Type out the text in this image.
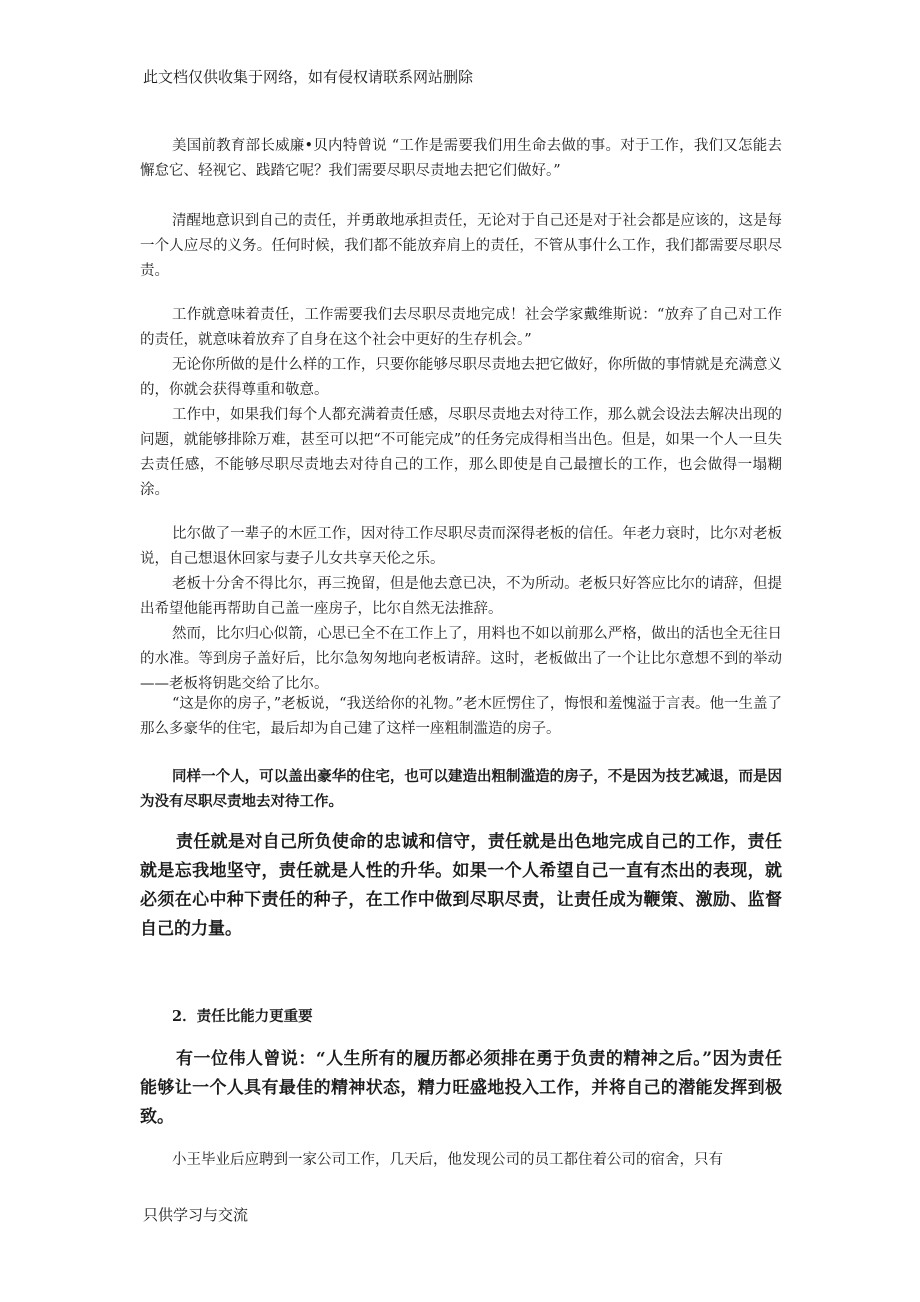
此文档仅供收集于网络，如有侵权请联系网站删除
美国前教育部长威廉•贝内特曾说 “工作是需要我们用生命去做的事。对于工作，我们又怎能去懈怠它、轻视它、践踏它呢？我们需要尽职尽责地去把它们做好。”
清醒地意识到自己的责任，并勇敢地承担责任，无论对于自己还是对于社会都是应该的，这是每一个人应尽的义务。任何时候，我们都不能放弃肩上的责任，不管从事什么工作，我们都需要尽职尽责。
工作就意味着责任，工作需要我们去尽职尽责地完成！社会学家戴维斯说：“放弃了自己对工作的责任，就意味着放弃了自身在这个社会中更好的生存机会。”
无论你所做的是什么样的工作，只要你能够尽职尽责地去把它做好，你所做的事情就是充满意义的，你就会获得尊重和敬意。
工作中，如果我们每个人都充满着责任感，尽职尽责地去对待工作，那么就会设法去解决出现的问题，就能够排除万难，甚至可以把“不可能完成”的任务完成得相当出色。但是，如果一个人一旦失去责任感，不能够尽职尽责地去对待自己的工作，那么即使是自己最擅长的工作，也会做得一塌糊涂。
比尔做了一辈子的木匠工作，因对待工作尽职尽责而深得老板的信任。年老力衰时，比尔对老板说，自己想退休回家与妻子儿女共享天伦之乐。
老板十分舍不得比尔，再三挽留，但是他去意已决，不为所动。老板只好答应比尔的请辞，但提出希望他能再帮助自己盖一座房子，比尔自然无法推辞。
然而，比尔归心似箭，心思已全不在工作上了，用料也不如以前那么严格，做出的活也全无往日的水准。等到房子盖好后，比尔急匆匆地向老板请辞。这时，老板做出了一个让比尔意想不到的举动——老板将钥匙交给了比尔。
“这是你的房子，”老板说，“我送给你的礼物。”老木匠愣住了，悔恨和羞愧溢于言表。他一生盖了那么多豪华的住宅，最后却为自己建了这样一座粗制滥造的房子。
同样一个人，可以盖出豪华的住宅，也可以建造出粗制滥造的房子，不是因为技艺减退，而是因为没有尽职尽责地去对待工作。
责任就是对自己所负使命的忠诚和信守，责任就是出色地完成自己的工作，责任就是忘我地坚守，责任就是人性的升华。如果一个人希望自己一直有杰出的表现，就必须在心中种下责任的种子，在工作中做到尽职尽责，让责任成为鞭策、激励、监督自己的力量。
2．责任比能力更重要
有一位伟人曾说：“人生所有的履历都必须排在勇于负责的精神之后。”因为责任能够让一个人具有最佳的精神状态，精力旺盛地投入工作，并将自己的潜能发挥到极致。
小王毕业后应聘到一家公司工作，几天后，他发现公司的员工都住着公司的宿舍，只有
只供学习与交流
